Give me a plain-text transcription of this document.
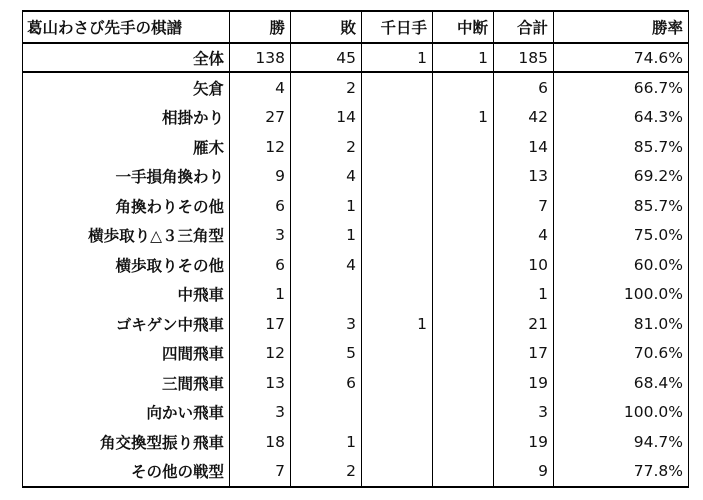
葛山わさび先手の棋譜	勝	敗	千日手	中断	合計	勝率
全体	138	45	1	1	185	74.6%
矢倉	4	2			6	66.7%
相掛かり	27	14		1	42	64.3%
雁木	12	2			14	85.7%
一手損角換わり	9	4			13	69.2%
角換わりその他	6	1			7	85.7%
横歩取り△３三角型	3	1			4	75.0%
横歩取りその他	6	4			10	60.0%
中飛車	1				1	100.0%
ゴキゲン中飛車	17	3	1		21	81.0%
四間飛車	12	5			17	70.6%
三間飛車	13	6			19	68.4%
向かい飛車	3				3	100.0%
角交換型振り飛車	18	1			19	94.7%
その他の戦型	7	2			9	77.8%
